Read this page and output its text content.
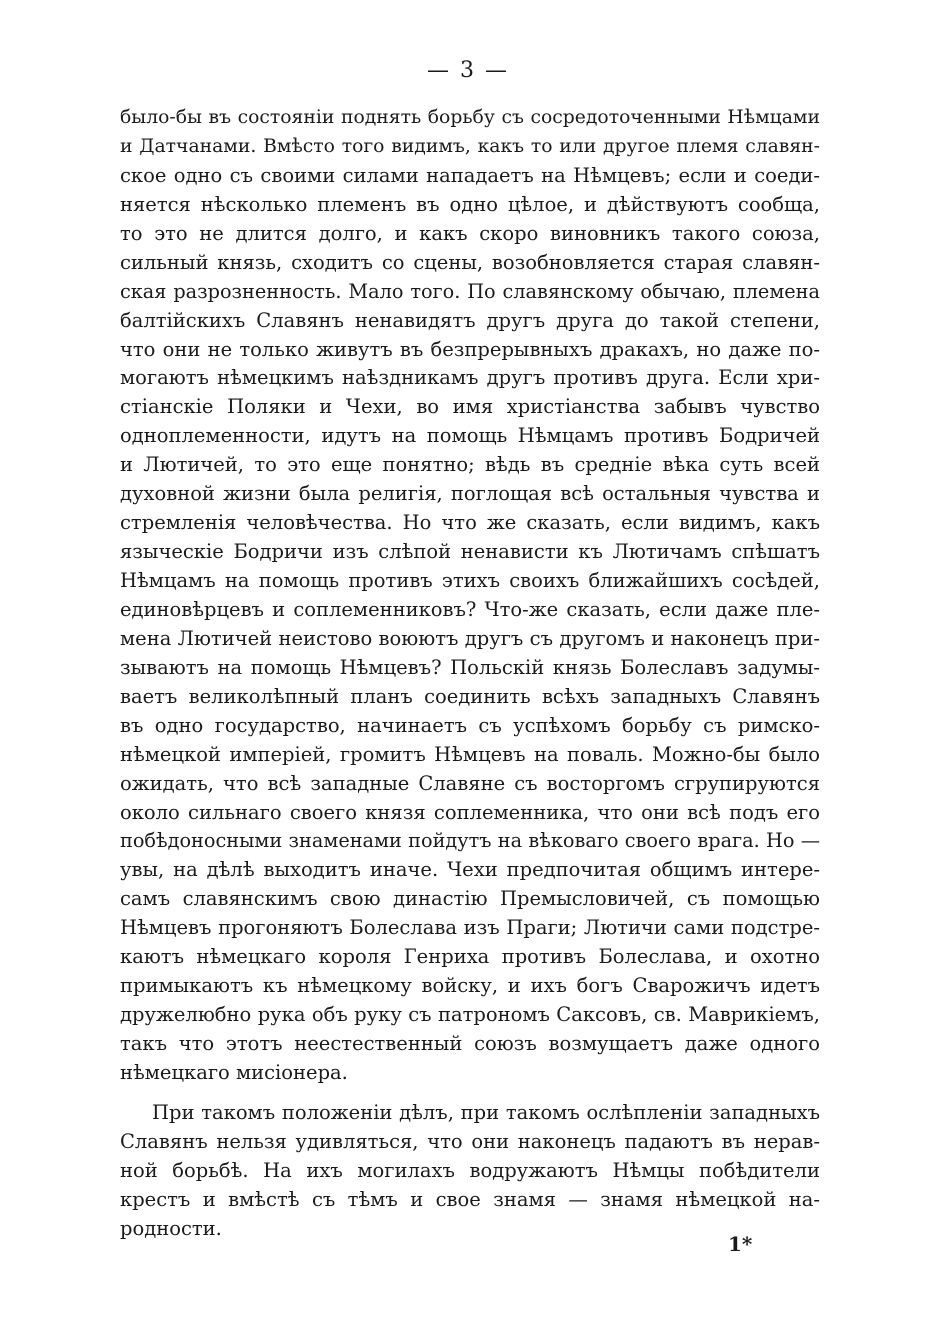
— 3 —
было-бы въ состояніи поднять борьбу съ сосредоточенными Нѣмцами
и Датчанами. Вмѣсто того видимъ, какъ то или другое племя славян-
ское одно съ своими силами нападаетъ на Нѣмцевъ; если и соеди-
няется нѣсколько племенъ въ одно цѣлое, и дѣйствуютъ сообща,
то это не длится долго, и какъ скоро виновникъ такого союза,
сильный князь, сходитъ со сцены, возобновляется старая славян-
ская разрозненность. Мало того. По славянскому обычаю, племена
балтійскихъ Славянъ ненавидятъ другъ друга до такой степени,
что они не только живутъ въ безпрерывныхъ дракахъ, но даже по-
могаютъ нѣмецкимъ наѣздникамъ другъ противъ друга. Если хри-
стіанскіе Поляки и Чехи, во имя христіанства забывъ чувство
одноплеменности, идутъ на помощь Нѣмцамъ противъ Бодричей
и Лютичей, то это еще понятно; вѣдь въ средніе вѣка суть всей
духовной жизни была религія, поглощая всѣ остальныя чувства и
стремленія человѣчества. Но что же сказать, если видимъ, какъ
языческіе Бодричи изъ слѣпой ненависти къ Лютичамъ спѣшатъ
Нѣмцамъ на помощь противъ этихъ своихъ ближайшихъ сосѣдей,
единовѣрцевъ и соплеменниковъ? Что-же сказать, если даже пле-
мена Лютичей неистово воюютъ другъ съ другомъ и наконецъ при-
зываютъ на помощь Нѣмцевъ? Польскій князь Болеславъ задумы-
ваетъ великолѣпный планъ соединить всѣхъ западныхъ Славянъ
въ одно государство, начинаетъ съ успѣхомъ борьбу съ римско-
нѣмецкой имперіей, громитъ Нѣмцевъ на поваль. Можно-бы было
ожидать, что всѣ западные Славяне съ восторгомъ сгрупируются
около сильнаго своего князя соплеменника, что они всѣ подъ его
побѣдоносными знаменами пойдутъ на вѣковаго своего врага. Но —
увы, на дѣлѣ выходитъ иначе. Чехи предпочитая общимъ интере-
самъ славянскимъ свою династію Премысловичей, съ помощью
Нѣмцевъ прогоняютъ Болеслава изъ Праги; Лютичи сами подстре-
каютъ нѣмецкаго короля Генриха противъ Болеслава, и охотно
примыкаютъ къ нѣмецкому войску, и ихъ богъ Сварожичъ идетъ
дружелюбно рука объ руку съ патрономъ Саксовъ, св. Маврикіемъ,
такъ что этотъ неестественный союзъ возмущаетъ даже одного
нѣмецкаго мисіонера.
При такомъ положеніи дѣлъ, при такомъ ослѣпленіи западныхъ
Славянъ нельзя удивляться, что они наконецъ падаютъ въ нерав-
ной борьбѣ. На ихъ могилахъ водружаютъ Нѣмцы побѣдители
крестъ и вмѣстѣ съ тѣмъ и свое знамя — знамя нѣмецкой на-
родности.
1*
